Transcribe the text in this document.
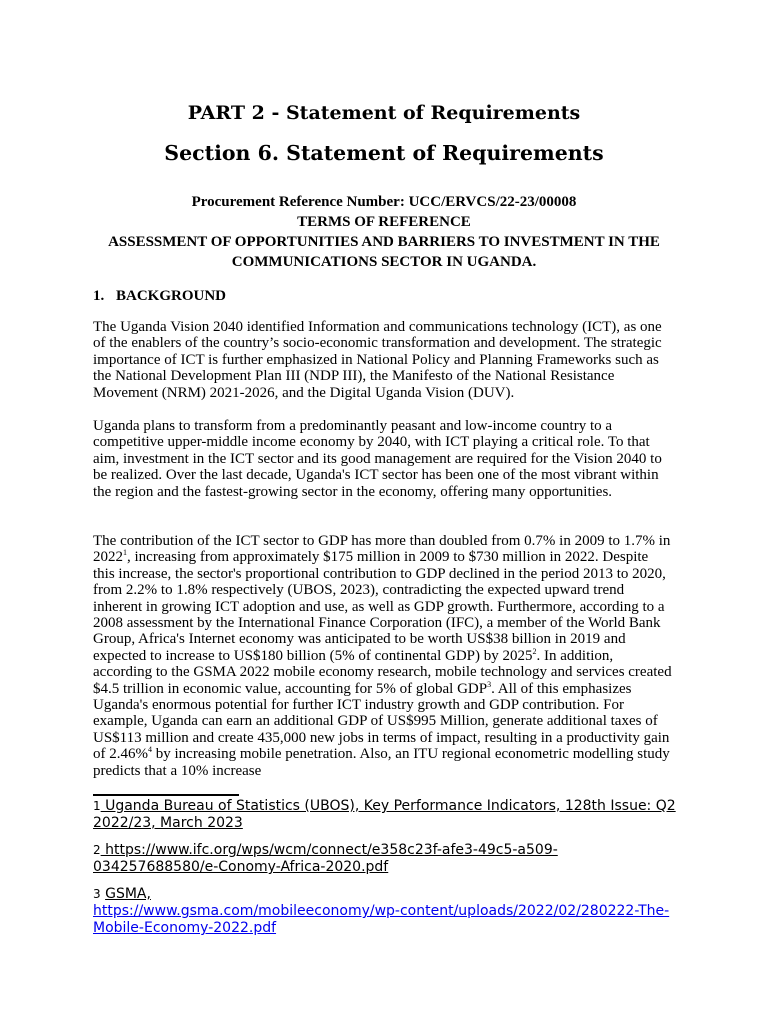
PART 2 - Statement of Requirements
Section 6. Statement of Requirements
Procurement Reference Number: UCC/ERVCS/22-23/00008
TERMS OF REFERENCE
ASSESSMENT OF OPPORTUNITIES AND BARRIERS TO INVESTMENT IN THE COMMUNICATIONS SECTOR IN UGANDA.
1. BACKGROUND
The Uganda Vision 2040 identified Information and communications technology (ICT), as one of the enablers of the country’s socio-economic transformation and development. The strategic importance of ICT is further emphasized in National Policy and Planning Frameworks such as the National Development Plan III (NDP III), the Manifesto of the National Resistance Movement (NRM) 2021-2026, and the Digital Uganda Vision (DUV).
Uganda plans to transform from a predominantly peasant and low-income country to a competitive upper-middle income economy by 2040, with ICT playing a critical role. To that aim, investment in the ICT sector and its good management are required for the Vision 2040 to be realized. Over the last decade, Uganda's ICT sector has been one of the most vibrant within the region and the fastest-growing sector in the economy, offering many opportunities.
The contribution of the ICT sector to GDP has more than doubled from 0.7% in 2009 to 1.7% in 2022$^1$, increasing from approximately $175 million in 2009 to $730 million in 2022. Despite this increase, the sector's proportional contribution to GDP declined in the period 2013 to 2020, from 2.2% to 1.8% respectively (UBOS, 2023), contradicting the expected upward trend inherent in growing ICT adoption and use, as well as GDP growth. Furthermore, according to a 2008 assessment by the International Finance Corporation (IFC), a member of the World Bank Group, Africa's Internet economy was anticipated to be worth US$38 billion in 2019 and expected to increase to US$180 billion (5% of continental GDP) by 2025$^2$. In addition, according to the GSMA 2022 mobile economy research, mobile technology and services created $4.5 trillion in economic value, accounting for 5% of global GDP$^3$. All of this emphasizes Uganda's enormous potential for further ICT industry growth and GDP contribution. For example, Uganda can earn an additional GDP of US$995 Million, generate additional taxes of US$113 million and create 435,000 new jobs in terms of impact, resulting in a productivity gain of 2.46%$^4$ by increasing mobile penetration. Also, an ITU regional econometric modelling study predicts that a 10% increase
1 Uganda Bureau of Statistics (UBOS), Key Performance Indicators, 128th Issue: Q2 2022/23, March 2023
2 https://www.ifc.org/wps/wcm/connect/e358c23f-afe3-49c5-a509-034257688580/e-Conomy-Africa-2020.pdf
3 GSMA,
https://www.gsma.com/mobileeconomy/wp-content/uploads/2022/02/280222-The-Mobile-Economy-2022.pdf
